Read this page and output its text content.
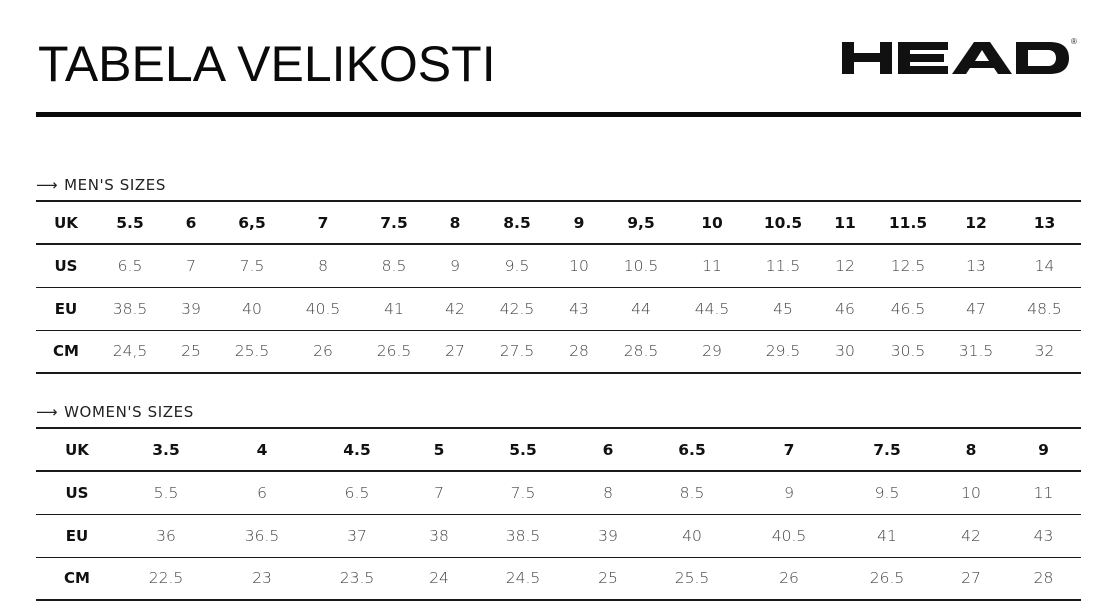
TABELA VELIKOSTI	®
⟶ MEN'S SIZES
UK	5.5	6	6,5	7	7.5	8	8.5	9	9,5	10	10.5	11	11.5	12	13
US	6.5	7	7.5	8	8.5	9	9.5	10	10.5	11	11.5	12	12.5	13	14
EU	38.5	39	40	40.5	41	42	42.5	43	44	44.5	45	46	46.5	47	48.5
CM	24,5	25	25.5	26	26.5	27	27.5	28	28.5	29	29.5	30	30.5	31.5	32
⟶ WOMEN'S SIZES
UK	3.5	4	4.5	5	5.5	6	6.5	7	7.5	8	9
US	5.5	6	6.5	7	7.5	8	8.5	9	9.5	10	11
EU	36	36.5	37	38	38.5	39	40	40.5	41	42	43
CM	22.5	23	23.5	24	24.5	25	25.5	26	26.5	27	28
